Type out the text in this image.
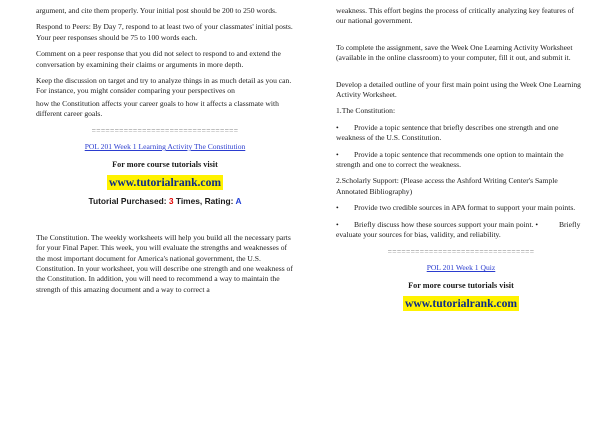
argument, and cite them properly. Your initial post should be 200 to 250 words.

Respond to Peers: By Day 7, respond to at least two of your classmates' initial posts. Your peer responses should be 75 to 100 words each.

Comment on a peer response that you did not select to respond to and extend the conversation by examining their claims or arguments in more depth.

Keep the discussion on target and try to analyze things in as much detail as you can. For instance, you might consider comparing your perspectives on

how the Constitution affects your career goals to how it affects a classmate with different career goals.

================================
POL 201 Week 1 Learning Activity The Constitution
For more course tutorials visit
www.tutorialrank.com
Tutorial Purchased: 3 Times, Rating: A

The Constitution. The weekly worksheets will help you build all the necessary parts for your Final Paper. This week, you will evaluate the strengths and weaknesses of the most important document for America's national government, the U.S. Constitution. In your worksheet, you will describe one strength and one weakness of the Constitution. In addition, you will need to recommend a way to maintain the strength of this amazing document and a way to correct a

weakness. This effort begins the process of critically analyzing key features of our national government.

To complete the assignment, save the Week One Learning Activity Worksheet (available in the online classroom) to your computer, fill it out, and submit it.

Develop a detailed outline of your first main point using the Week One Learning Activity Worksheet.

1.The Constitution:

• Provide a topic sentence that briefly describes one strength and one weakness of the U.S. Constitution.

• Provide a topic sentence that recommends one option to maintain the strength and one to correct the weakness.

2.Scholarly Support: (Please access the Ashford Writing Center's Sample Annotated Bibliography)

• Provide two credible sources in APA format to support your main points.

• Briefly discuss how these sources support your main point. •	Briefly evaluate your sources for bias, validity, and reliability.

================================
POL 201 Week 1 Quiz
For more course tutorials visit
www.tutorialrank.com
